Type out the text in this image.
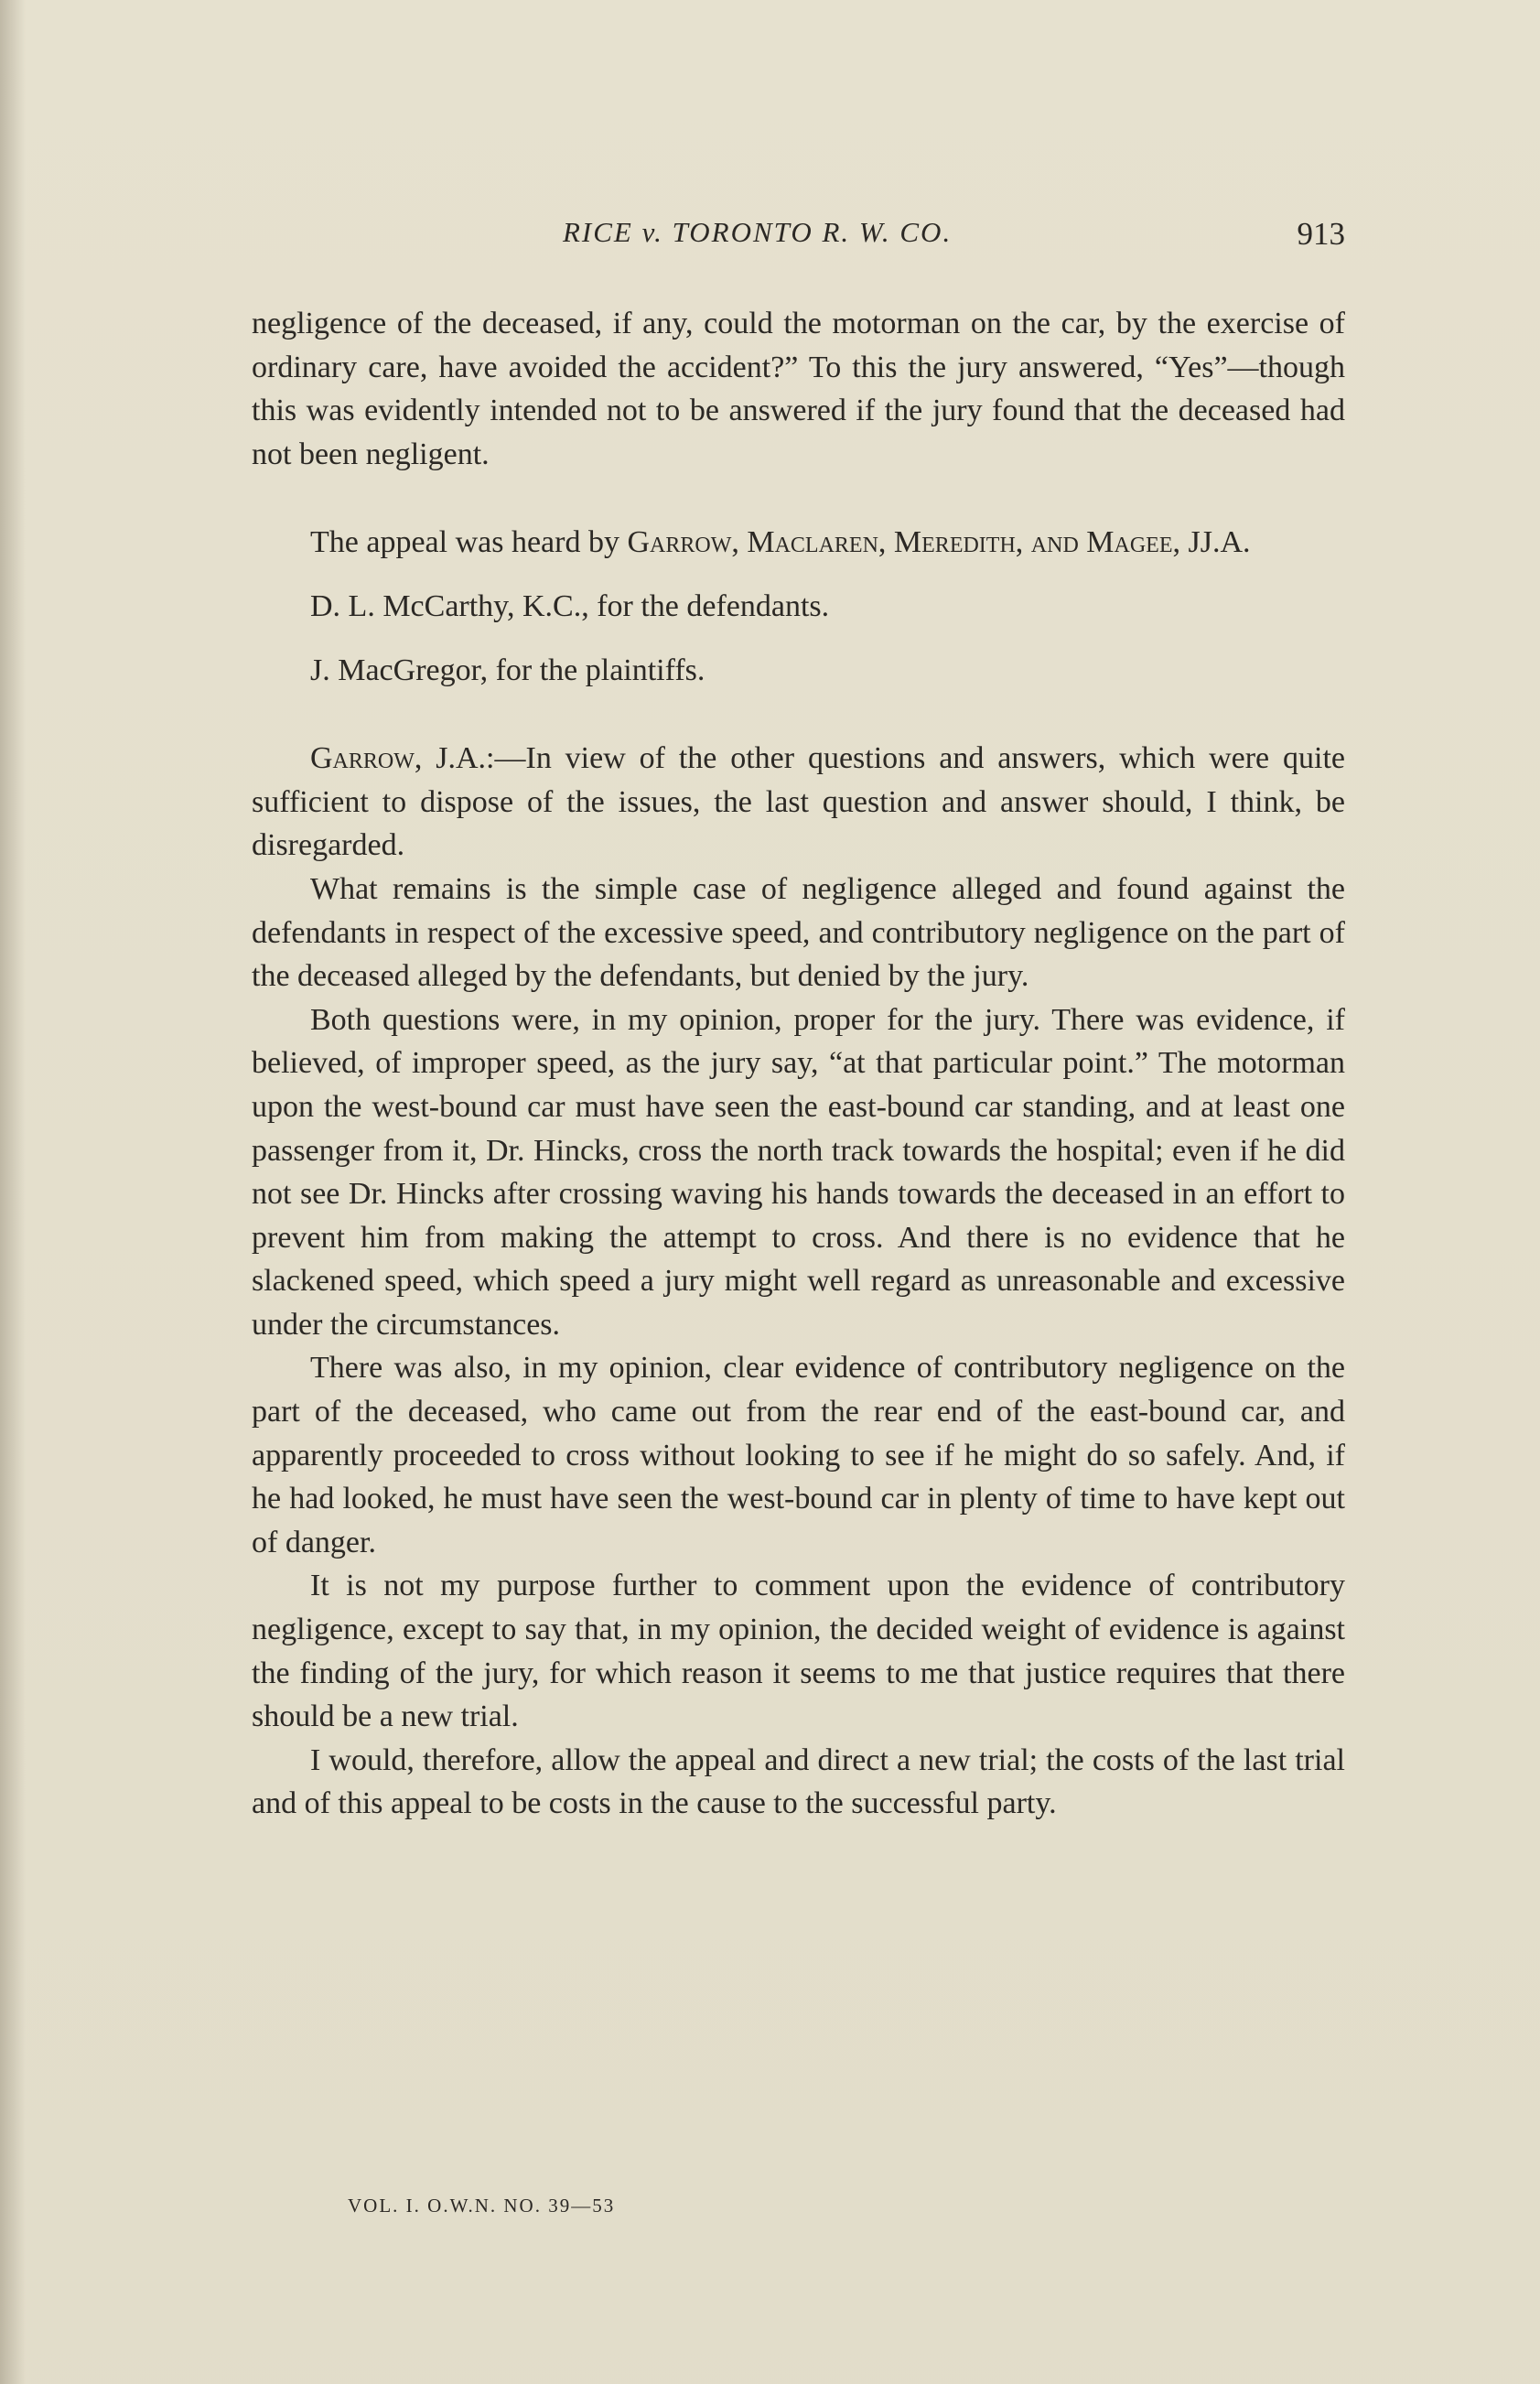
RICE v. TORONTO R. W. CO.	913

negligence of the deceased, if any, could the motorman on the car, by the exercise of ordinary care, have avoided the accident?” To this the jury answered, “Yes”—though this was evidently intended not to be answered if the jury found that the deceased had not been negligent.

The appeal was heard by Garrow, Maclaren, Meredith, and Magee, JJ.A.

D. L. McCarthy, K.C., for the defendants.

J. MacGregor, for the plaintiffs.

Garrow, J.A.:—In view of the other questions and answers, which were quite sufficient to dispose of the issues, the last question and answer should, I think, be disregarded.

What remains is the simple case of negligence alleged and found against the defendants in respect of the excessive speed, and contributory negligence on the part of the deceased alleged by the defendants, but denied by the jury.

Both questions were, in my opinion, proper for the jury. There was evidence, if believed, of improper speed, as the jury say, “at that particular point.” The motorman upon the west-bound car must have seen the east-bound car standing, and at least one passenger from it, Dr. Hincks, cross the north track towards the hospital; even if he did not see Dr. Hincks after crossing waving his hands towards the deceased in an effort to prevent him from making the attempt to cross. And there is no evidence that he slackened speed, which speed a jury might well regard as unreasonable and excessive under the circumstances.

There was also, in my opinion, clear evidence of contributory negligence on the part of the deceased, who came out from the rear end of the east-bound car, and apparently proceeded to cross without looking to see if he might do so safely. And, if he had looked, he must have seen the west-bound car in plenty of time to have kept out of danger.

It is not my purpose further to comment upon the evidence of contributory negligence, except to say that, in my opinion, the decided weight of evidence is against the finding of the jury, for which reason it seems to me that justice requires that there should be a new trial.

I would, therefore, allow the appeal and direct a new trial; the costs of the last trial and of this appeal to be costs in the cause to the successful party.

VOL. I. O.W.N. NO. 39—53
